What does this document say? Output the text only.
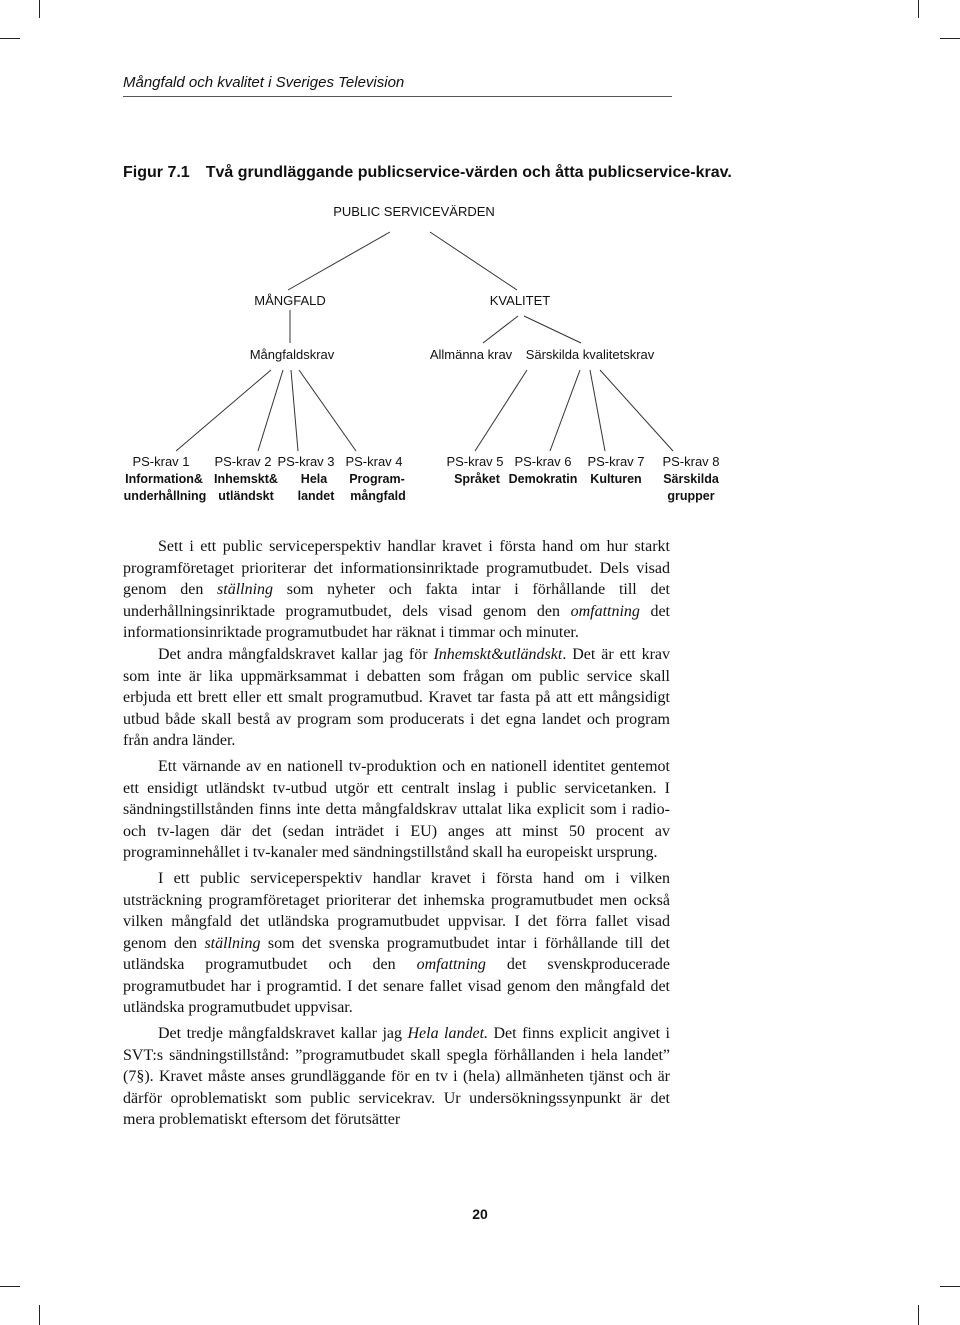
Mångfald och kvalitet i Sveriges Television
Figur 7.1 Två grundläggande publicservice-värden och åtta publicservice-krav.
PUBLIC SERVICEVÄRDEN
MÅNGFALD	KVALITET
Mångfaldskrav	Allmänna krav Särskilda kvalitetskrav
PS-krav 1
Information&
underhållning
PS-krav 2
Inhemskt&
utländskt
PS-krav 3
Hela
landet
PS-krav 4
Program-
mångfald
PS-krav 5
Språket
PS-krav 6
Demokratin
PS-krav 7
Kulturen
PS-krav 8
Särskilda
grupper

Sett i ett public serviceperspektiv handlar kravet i första hand om hur starkt programföretaget prioriterar det informationsinriktade programutbudet. Dels visad genom den ställning som nyheter och fakta intar i förhållande till det underhållningsinriktade programutbudet, dels visad genom den omfattning det informationsinriktade programutbudet har räknat i timmar och minuter.

Det andra mångfaldskravet kallar jag för Inhemskt&utländskt. Det är ett krav som inte är lika uppmärksammat i debatten som frågan om public service skall erbjuda ett brett eller ett smalt programutbud. Kravet tar fasta på att ett mångsidigt utbud både skall bestå av program som producerats i det egna landet och program från andra länder.

Ett värnande av en nationell tv-produktion och en nationell identitet gentemot ett ensidigt utländskt tv-utbud utgör ett centralt inslag i public servicetanken. I sändningstillstånden finns inte detta mångfaldskrav uttalat lika explicit som i radio- och tv-lagen där det (sedan inträdet i EU) anges att minst 50 procent av programinnehållet i tv-kanaler med sändningstillstånd skall ha europeiskt ursprung.

I ett public serviceperspektiv handlar kravet i första hand om i vilken utsträckning programföretaget prioriterar det inhemska programutbudet men också vilken mångfald det utländska programutbudet uppvisar. I det förra fallet visad genom den ställning som det svenska programutbudet intar i förhållande till det utländska programutbudet och den omfattning det svenskproducerade programutbudet har i programtid. I det senare fallet visad genom den mångfald det utländska programutbudet uppvisar.

Det tredje mångfaldskravet kallar jag Hela landet. Det finns explicit angivet i SVT:s sändningstillstånd: ”programutbudet skall spegla förhållanden i hela landet” (7§). Kravet måste anses grundläggande för en tv i (hela) allmänheten tjänst och är därför oproblematiskt som public servicekrav. Ur undersökningssynpunkt är det mera problematiskt eftersom det förutsätter

20
